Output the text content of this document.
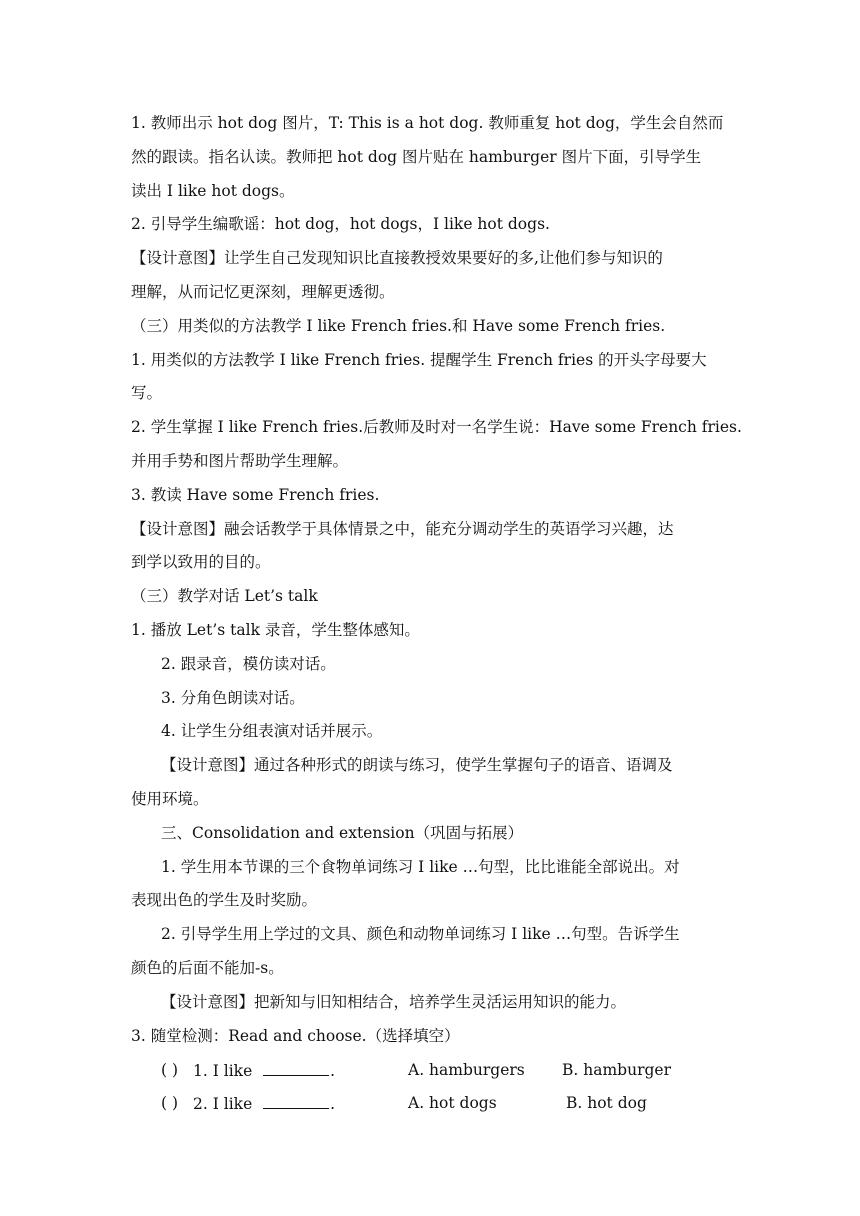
1. 教师出示 hot dog 图片，T: This is a hot dog. 教师重复 hot dog，学生会自然而
然的跟读。指名认读。教师把 hot dog 图片贴在 hamburger 图片下面，引导学生
读出 I like hot dogs。
2. 引导学生编歌谣：hot dog，hot dogs，I like hot dogs.
【设计意图】让学生自己发现知识比直接教授效果要好的多,让他们参与知识的
理解，从而记忆更深刻，理解更透彻。
（三）用类似的方法教学 I like French fries.和 Have some French fries.
1. 用类似的方法教学 I like French fries. 提醒学生 French fries 的开头字母要大
写。
2. 学生掌握 I like French fries.后教师及时对一名学生说：Have some French fries.
并用手势和图片帮助学生理解。
3. 教读 Have some French fries.
【设计意图】融会话教学于具体情景之中，能充分调动学生的英语学习兴趣，达
到学以致用的目的。
（三）教学对话 Let’s talk
1. 播放 Let’s talk 录音，学生整体感知。
2. 跟录音，模仿读对话。
3. 分角色朗读对话。
4. 让学生分组表演对话并展示。
【设计意图】通过各种形式的朗读与练习，使学生掌握句子的语音、语调及
使用环境。
三、Consolidation and extension（巩固与拓展）
1. 学生用本节课的三个食物单词练习 I like …句型，比比谁能全部说出。对
表现出色的学生及时奖励。
2. 引导学生用上学过的文具、颜色和动物单词练习 I like …句型。告诉学生
颜色的后面不能加-s。
【设计意图】把新知与旧知相结合，培养学生灵活运用知识的能力。
3. 随堂检测：Read and choose.（选择填空）
( ) 1. I like	.	A. hamburgers B. hamburger
( ) 2. I like	.	A. hot dogs	B. hot dog
